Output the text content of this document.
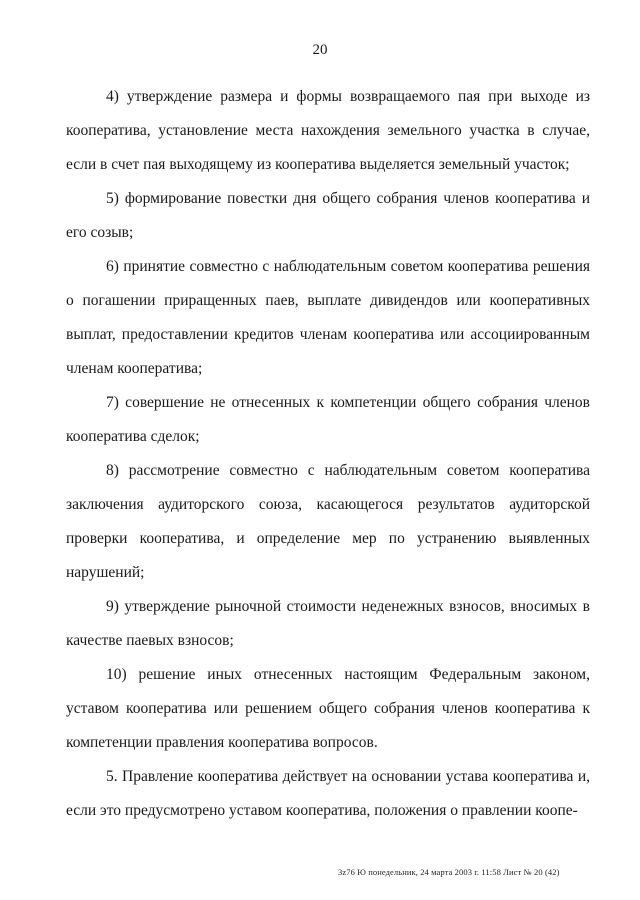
20

4) утверждение размера и формы возвращаемого пая при выходе из кооператива, установление места нахождения земельного участка в случае, если в счет пая выходящему из кооператива выделяется земельный участок;

5) формирование повестки дня общего собрания членов кооператива и его созыв;

6) принятие совместно с наблюдательным советом кооператива решения о погашении приращенных паев, выплате дивидендов или кооперативных выплат, предоставлении кредитов членам кооператива или ассоциированным членам кооператива;

7) совершение не отнесенных к компетенции общего собрания членов кооператива сделок;

8) рассмотрение совместно с наблюдательным советом кооператива заключения аудиторского союза, касающегося результатов аудиторской проверки кооператива, и определение мер по устранению выявленных нарушений;

9) утверждение рыночной стоимости неденежных взносов, вносимых в качестве паевых взносов;

10) решение иных отнесенных настоящим Федеральным законом, уставом кооператива или решением общего собрания членов кооператива к компетенции правления кооператива вопросов.

5. Правление кооператива действует на основании устава кооператива и, если это предусмотрено уставом кооператива, положения о правлении коопе-

3z76 Ю понедельник, 24 марта 2003 г. 11:58 Лист № 20 (42)
